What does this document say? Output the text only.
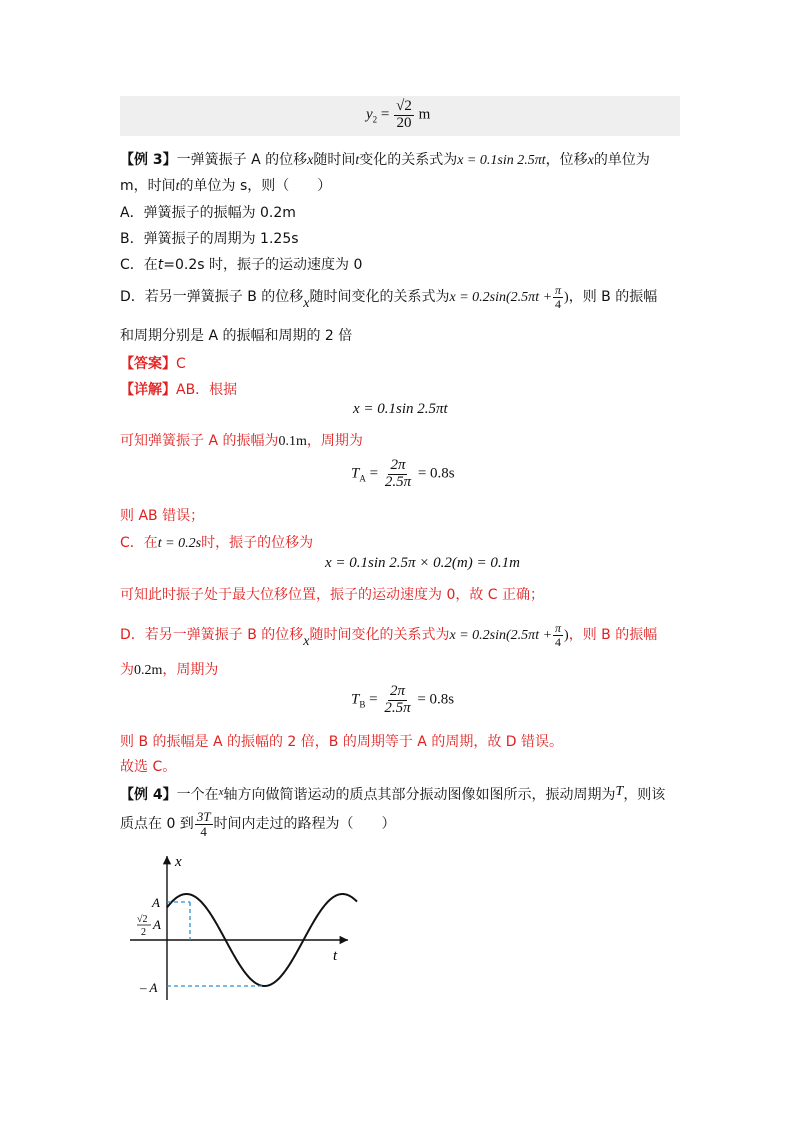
$y_2 = \frac{√2}{20}$ m
【例 3】一弹簧振子 A 的位移x随时间t变化的关系式为x = 0.1sin 2.5πt，位移x的单位为
m，时间t的单位为 s，则（　　）
A．弹簧振子的振幅为 0.2m
B．弹簧振子的周期为 1.25s
C．在t=0.2s 时，振子的运动速度为 0
D．若另一弹簧振子 B 的位移x随时间变化的关系式为$x = 0.2\sin(2.5\pi t + \frac{\pi}{4}$ )，则 B 的振幅
和周期分别是 A 的振幅和周期的 2 倍
【答案】C
【详解】AB．根据
x = 0.1sin 2.5πt
可知弹簧振子 A 的振幅为0.1m，周期为
$T_A = \frac{2\pi}{2.5\pi} = 0.8s$
则 AB 错误；
C．在t = 0.2s时，振子的位移为
x = 0.1sin 2.5π × 0.2(m) = 0.1m
可知此时振子处于最大位移位置，振子的运动速度为 0，故 C 正确；
D．若另一弹簧振子 B 的位移x随时间变化的关系式为$x = 0.2\sin(2.5\pi t + \frac{\pi}{4}$ )，则 B 的振幅
为0.2m，周期为
$T_B = \frac{2\pi}{2.5\pi} = 0.8s$
则 B 的振幅是 A 的振幅的 2 倍，B 的周期等于 A 的周期，故 D 错误。
故选 C。
【例 4】一个在$^x$轴方向做简谐运动的质点其部分振动图像如图所示，振动周期为T，则该
质点在 0 到 $\frac{3T}{4}$ 时间内走过的路程为（　　）
x
t
A
√2
2
A
– A
